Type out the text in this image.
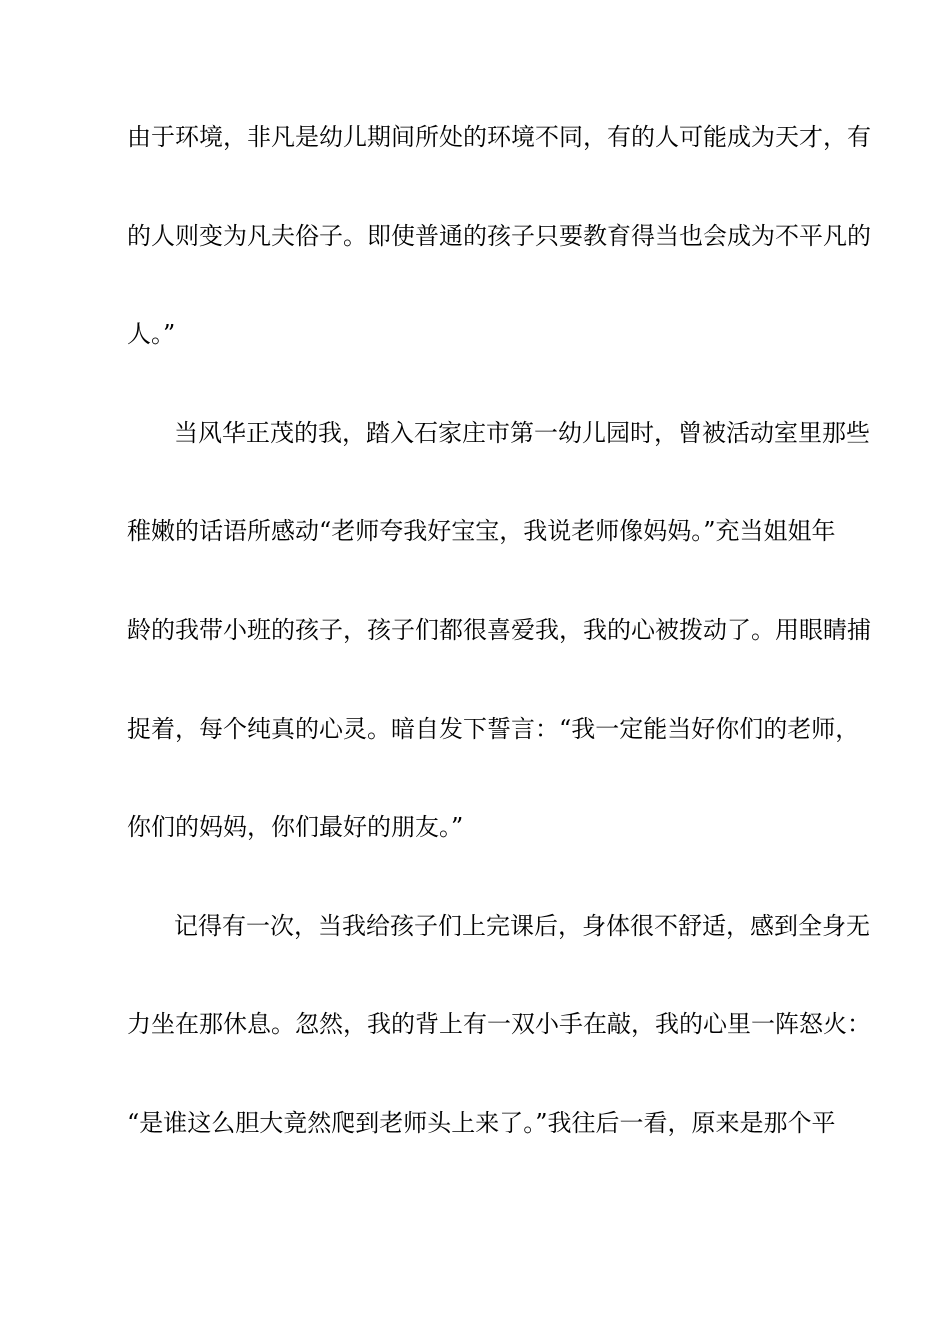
由于环境，非凡是幼儿期间所处的环境不同，有的人可能成为天才，有
的人则变为凡夫俗子。即使普通的孩子只要教育得当也会成为不平凡的
人。”
当风华正茂的我，踏入石家庄市第一幼儿园时，曾被活动室里那些
稚嫩的话语所感动“老师夸我好宝宝，我说老师像妈妈。”充当姐姐年
龄的我带小班的孩子，孩子们都很喜爱我，我的心被拨动了。用眼睛捕
捉着，每个纯真的心灵。暗自发下誓言：“我一定能当好你们的老师，
你们的妈妈，你们最好的朋友。”
记得有一次，当我给孩子们上完课后，身体很不舒适，感到全身无
力坐在那休息。忽然，我的背上有一双小手在敲，我的心里一阵怒火：
“是谁这么胆大竟然爬到老师头上来了。”我往后一看，原来是那个平
